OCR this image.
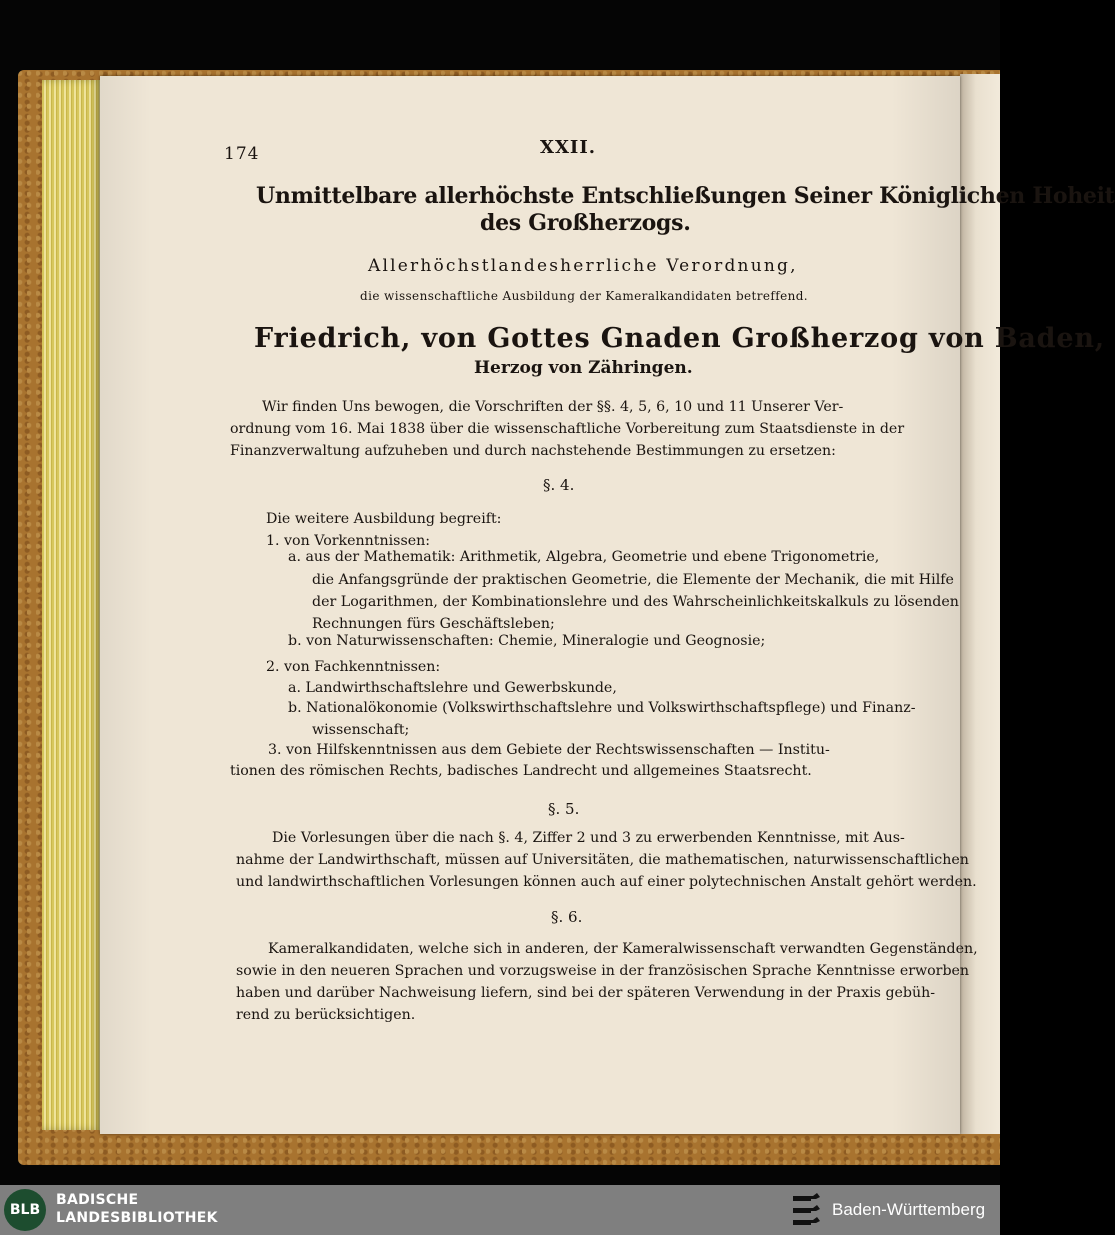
174	XXII.
Unmittelbare allerhöchste Entschließungen Seiner Königlichen Hoheit
des Großherzogs.
Allerhöchstlandesherrliche Verordnung,
die wissenschaftliche Ausbildung der Kameralkandidaten betreffend.
Friedrich, von Gottes Gnaden Großherzog von Baden,
Herzog von Zähringen.
Wir finden Uns bewogen, die Vorschriften der §§. 4, 5, 6, 10 und 11 Unserer Ver-
ordnung vom 16. Mai 1838 über die wissenschaftliche Vorbereitung zum Staatsdienste in der
Finanzverwaltung aufzuheben und durch nachstehende Bestimmungen zu ersetzen:
§. 4.
Die weitere Ausbildung begreift:
1. von Vorkenntnissen:
a. aus der Mathematik: Arithmetik, Algebra, Geometrie und ebene Trigonometrie,
die Anfangsgründe der praktischen Geometrie, die Elemente der Mechanik, die mit Hilfe
der Logarithmen, der Kombinationslehre und des Wahrscheinlichkeitskalkuls zu lösenden
Rechnungen fürs Geschäftsleben;
b. von Naturwissenschaften: Chemie, Mineralogie und Geognosie;
2. von Fachkenntnissen:
a. Landwirthschaftslehre und Gewerbskunde,
b. Nationalökonomie (Volkswirthschaftslehre und Volkswirthschaftspflege) und Finanz-
wissenschaft;
3. von Hilfskenntnissen aus dem Gebiete der Rechtswissenschaften — Institu-
tionen des römischen Rechts, badisches Landrecht und allgemeines Staatsrecht.
§. 5.
Die Vorlesungen über die nach §. 4, Ziffer 2 und 3 zu erwerbenden Kenntnisse, mit Aus-
nahme der Landwirthschaft, müssen auf Universitäten, die mathematischen, naturwissenschaftlichen
und landwirthschaftlichen Vorlesungen können auch auf einer polytechnischen Anstalt gehört werden.
§. 6.
Kameralkandidaten, welche sich in anderen, der Kameralwissenschaft verwandten Gegenständen,
sowie in den neueren Sprachen und vorzugsweise in der französischen Sprache Kenntnisse erworben
haben und darüber Nachweisung liefern, sind bei der späteren Verwendung in der Praxis gebüh-
rend zu berücksichtigen.
BLB
BADISCHE
LANDESBIBLIOTHEK	Baden-Württemberg
